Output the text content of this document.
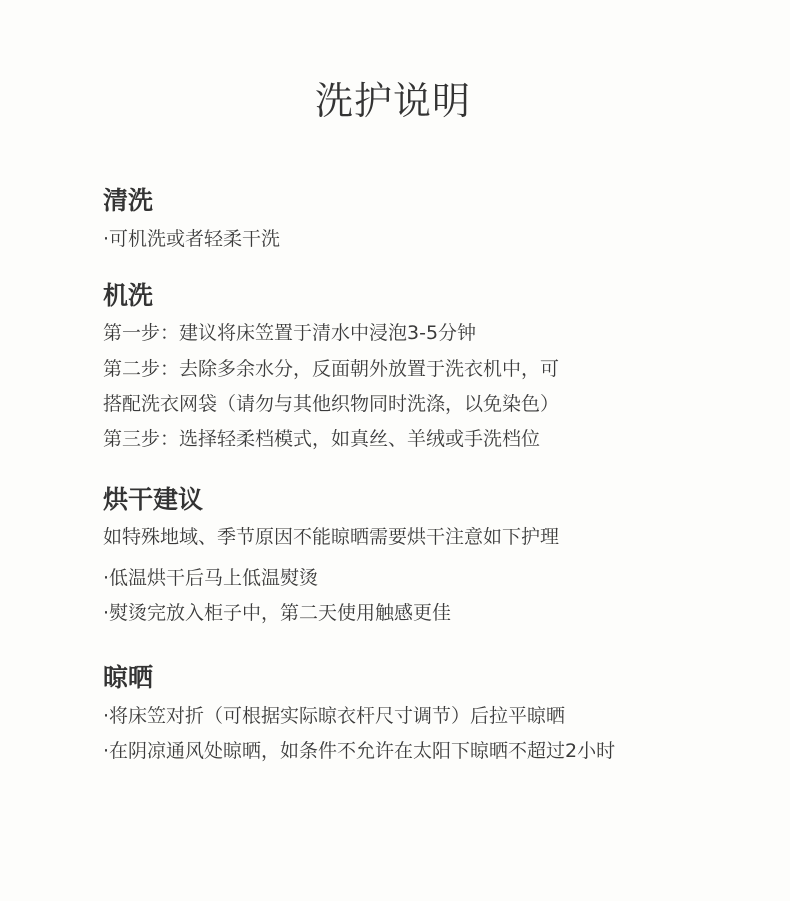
洗护说明
清洗
·可机洗或者轻柔干洗
机洗
第一步：建议将床笠置于清水中浸泡3-5分钟
第二步：去除多余水分，反面朝外放置于洗衣机中，可
搭配洗衣网袋（请勿与其他织物同时洗涤，以免染色）
第三步：选择轻柔档模式，如真丝、羊绒或手洗档位
烘干建议
如特殊地域、季节原因不能晾晒需要烘干注意如下护理
·低温烘干后马上低温熨烫
·熨烫完放入柜子中，第二天使用触感更佳
晾晒
·将床笠对折（可根据实际晾衣杆尺寸调节）后拉平晾晒
·在阴凉通风处晾晒，如条件不允许在太阳下晾晒不超过2小时
